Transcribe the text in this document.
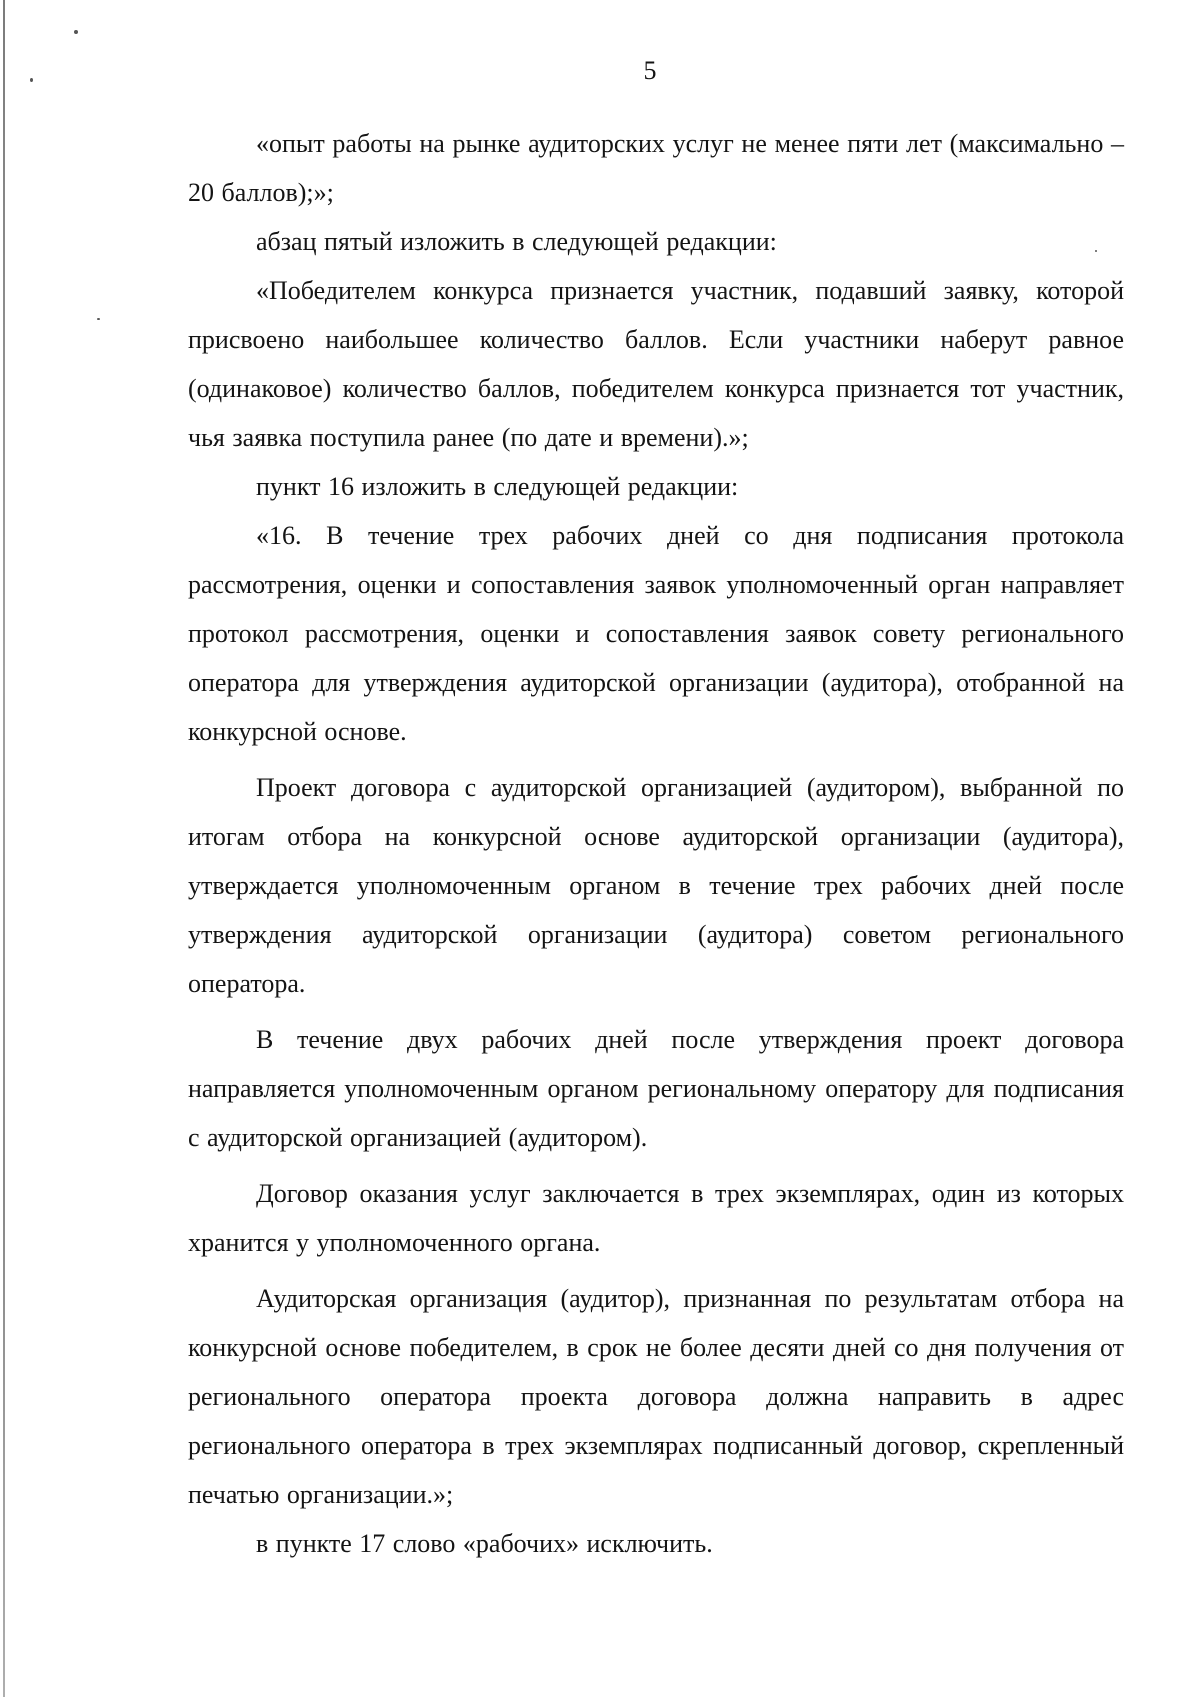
5

«опыт работы на рынке аудиторских услуг не менее пяти лет (максимально – 20 баллов);»;

абзац пятый изложить в следующей редакции:

«Победителем конкурса признается участник, подавший заявку, которой присвоено наибольшее количество баллов. Если участники наберут равное (одинаковое) количество баллов, победителем конкурса признается тот участник, чья заявка поступила ранее (по дате и времени).»;

пункт 16 изложить в следующей редакции:

«16. В течение трех рабочих дней со дня подписания протокола рассмотрения, оценки и сопоставления заявок уполномоченный орган направляет протокол рассмотрения, оценки и сопоставления заявок совету регионального оператора для утверждения аудиторской организации (аудитора), отобранной на конкурсной основе.

Проект договора с аудиторской организацией (аудитором), выбранной по итогам отбора на конкурсной основе аудиторской организации (аудитора), утверждается уполномоченным органом в течение трех рабочих дней после утверждения аудиторской организации (аудитора) советом регионального оператора.

В течение двух рабочих дней после утверждения проект договора направляется уполномоченным органом региональному оператору для подписания с аудиторской организацией (аудитором).

Договор оказания услуг заключается в трех экземплярах, один из которых хранится у уполномоченного органа.

Аудиторская организация (аудитор), признанная по результатам отбора на конкурсной основе победителем, в срок не более десяти дней со дня получения от регионального оператора проекта договора должна направить в адрес регионального оператора в трех экземплярах подписанный договор, скрепленный печатью организации.»;

в пункте 17 слово «рабочих» исключить.
